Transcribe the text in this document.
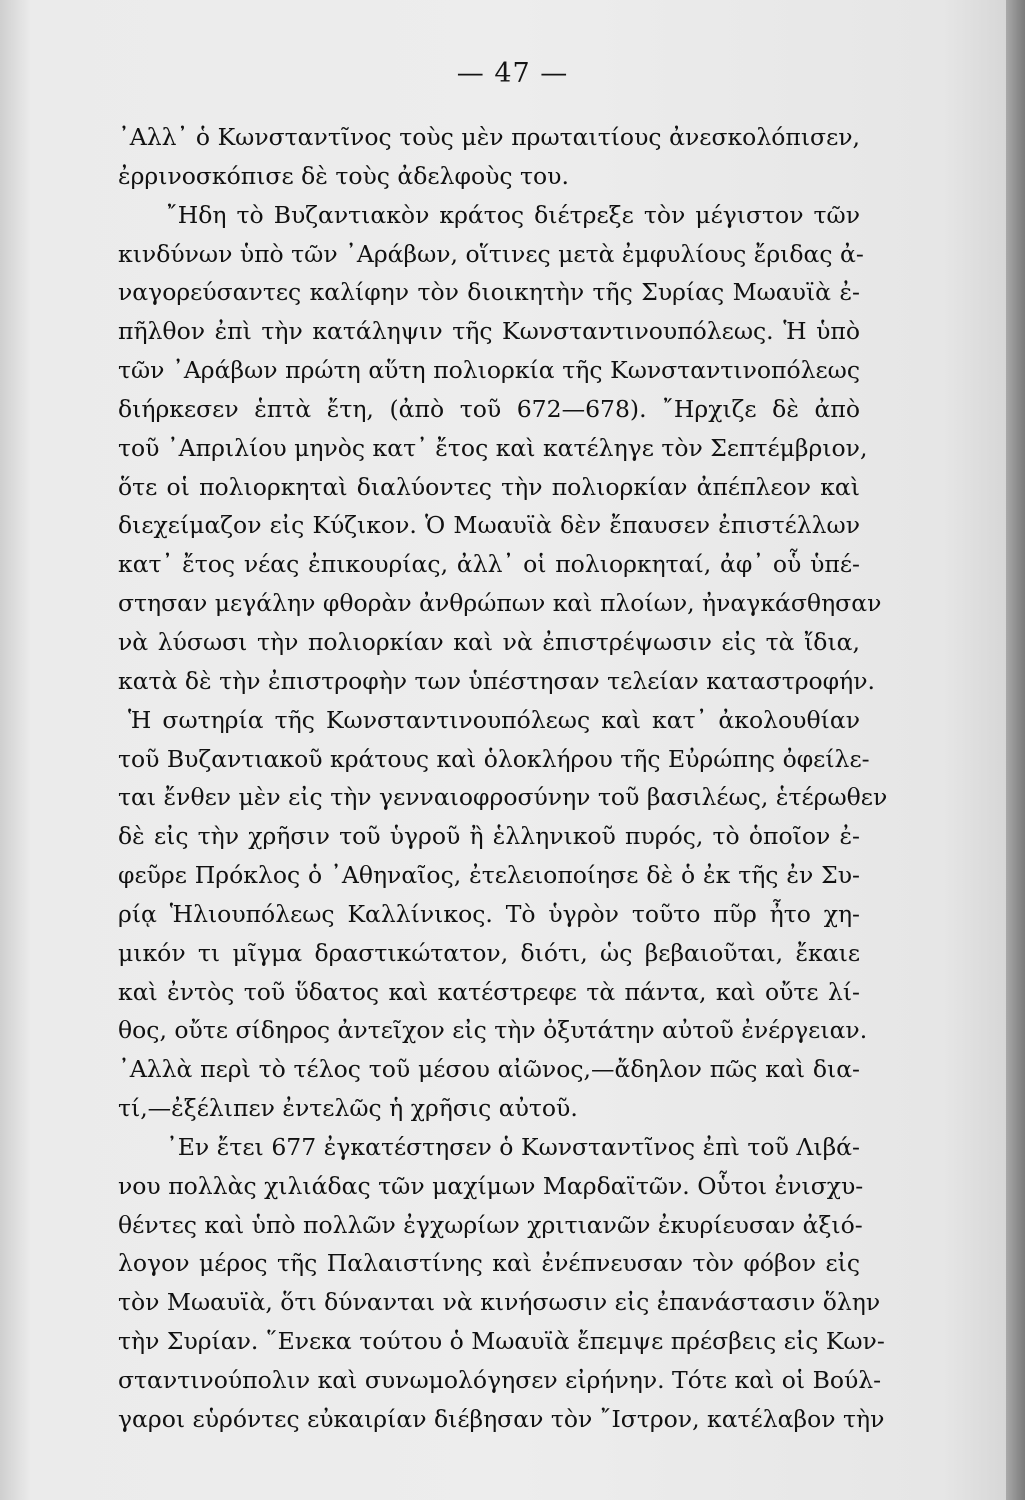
— 47 —
᾿Αλλ᾿ ὁ Κωνσταντῖνος τοὺς μὲν πρωταιτίους ἀνεσκολόπισεν,
ἐρρινοσκόπισε δὲ τοὺς ἀδελφοὺς του.
῎Ηδη τὸ Βυζαντιακὸν κράτος διέτρεξε τὸν μέγιστον τῶν
κινδύνων ὑπὸ τῶν ᾿Αράβων, οἵτινες μετὰ ἐμφυλίους ἔριδας ἀ-
ναγορεύσαντες καλίφην τὸν διοικητὴν τῆς Συρίας Μωαυϊὰ ἐ-
πῆλθον ἐπὶ τὴν κατάληψιν τῆς Κωνσταντινουπόλεως. Ἡ ὑπὸ
τῶν ᾿Αράβων πρώτη αὕτη πολιορκία τῆς Κωνσταντινοπόλεως
διήρκεσεν ἑπτὰ ἔτη, (ἀπὸ τοῦ 672—678). ῎Ηρχιζε δὲ ἀπὸ
τοῦ ᾿Απριλίου μηνὸς κατ᾿ ἔτος καὶ κατέληγε τὸν Σεπτέμβριον,
ὅτε οἱ πολιορκηταὶ διαλύοντες τὴν πολιορκίαν ἀπέπλεον καὶ
διεχείμαζον εἰς Κύζικον. Ὁ Μωαυϊὰ δὲν ἔπαυσεν ἐπιστέλλων
κατ᾿ ἔτος νέας ἐπικουρίας, ἀλλ᾿ οἱ πολιορκηταί, ἀφ᾿ οὗ ὑπέ-
στησαν μεγάλην φθορὰν ἀνθρώπων καὶ πλοίων, ἠναγκάσθησαν
νὰ λύσωσι τὴν πολιορκίαν καὶ νὰ ἐπιστρέψωσιν εἰς τὰ ἴδια,
κατὰ δὲ τὴν ἐπιστροφὴν των ὑπέστησαν τελείαν καταστροφήν.
Ἡ σωτηρία τῆς Κωνσταντινουπόλεως καὶ κατ᾿ ἀκολουθίαν
τοῦ Βυζαντιακοῦ κράτους καὶ ὁλοκλήρου τῆς Εὐρώπης ὀφείλε-
ται ἔνθεν μὲν εἰς τὴν γενναιοφροσύνην τοῦ βασιλέως, ἑτέρωθεν
δὲ εἰς τὴν χρῆσιν τοῦ ὑγροῦ ἢ ἑλληνικοῦ πυρός, τὸ ὁποῖον ἐ-
φεῦρε Πρόκλος ὁ ᾿Αθηναῖος, ἐτελειοποίησε δὲ ὁ ἐκ τῆς ἐν Συ-
ρίᾳ Ἡλιουπόλεως Καλλίνικος. Τὸ ὑγρὸν τοῦτο πῦρ ἦτο χη-
μικόν τι μῖγμα δραστικώτατον, διότι, ὡς βεβαιοῦται, ἔκαιε
καὶ ἐντὸς τοῦ ὕδατος καὶ κατέστρεφε τὰ πάντα, καὶ οὔτε λί-
θος, οὔτε σίδηρος ἀντεῖχον εἰς τὴν ὀξυτάτην αὐτοῦ ἐνέργειαν.
᾿Αλλὰ περὶ τὸ τέλος τοῦ μέσου αἰῶνος,—ἄδηλον πῶς καὶ δια-
τί,—ἐξέλιπεν ἐντελῶς ἡ χρῆσις αὐτοῦ.
᾿Εν ἔτει 677 ἐγκατέστησεν ὁ Κωνσταντῖνος ἐπὶ τοῦ Λιβά-
νου πολλὰς χιλιάδας τῶν μαχίμων Μαρδαϊτῶν. Οὗτοι ἐνισχυ-
θέντες καὶ ὑπὸ πολλῶν ἐγχωρίων χριτιανῶν ἐκυρίευσαν ἀξιό-
λογον μέρος τῆς Παλαιστίνης καὶ ἐνέπνευσαν τὸν φόβον εἰς
τὸν Μωαυϊὰ, ὅτι δύνανται νὰ κινήσωσιν εἰς ἐπανάστασιν ὅλην
τὴν Συρίαν. ῞Ενεκα τούτου ὁ Μωαυϊὰ ἔπεμψε πρέσβεις εἰς Κων-
σταντινούπολιν καὶ συνωμολόγησεν εἰρήνην. Τότε καὶ οἱ Βούλ-
γαροι εὑρόντες εὐκαιρίαν διέβησαν τὸν ῎Ιστρον, κατέλαβον τὴν
